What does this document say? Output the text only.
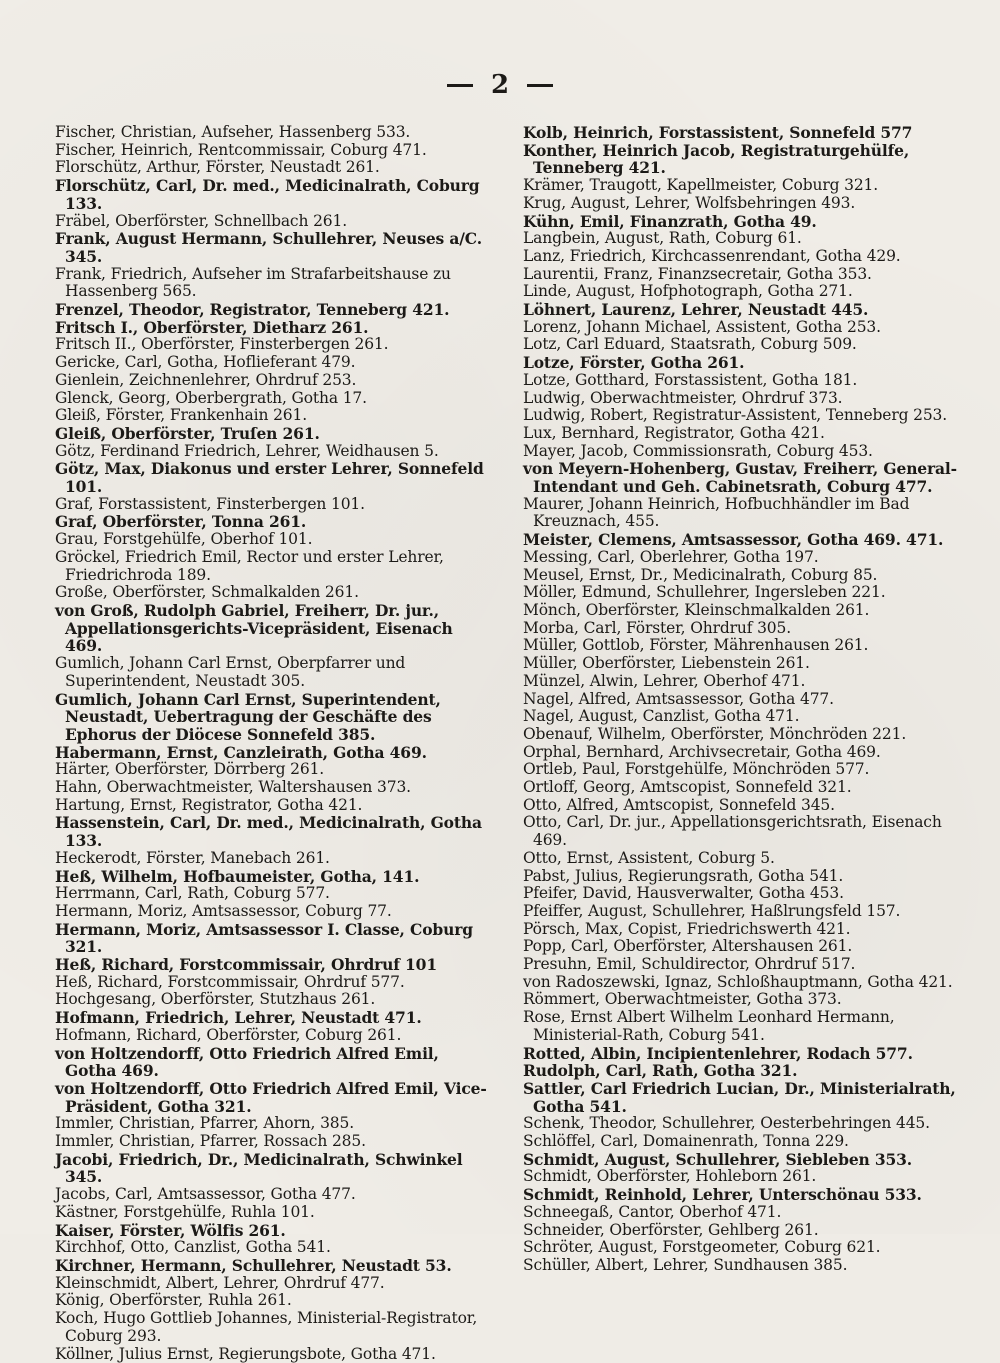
2

Fischer, Christian, Aufseher, Hassenberg 533.

Fischer, Heinrich, Rentcommissair, Coburg 471.

Florschütz, Arthur, Förster, Neustadt 261.

Florschütz, Carl, Dr. med., Medicinalrath, Coburg 133.

Fräbel, Oberförster, Schnellbach 261.

Frank, August Hermann, Schullehrer, Neuses a/C. 345.

Frank, Friedrich, Aufseher im Strafarbeitshause zu Hassenberg 565.

Frenzel, Theodor, Registrator, Tenneberg 421.

Fritsch I., Oberförster, Dietharz 261.

Fritsch II., Oberförster, Finsterbergen 261.

Gericke, Carl, Gotha, Hoflieferant 479.

Gienlein, Zeichnenlehrer, Ohrdruf 253.

Glenck, Georg, Oberbergrath, Gotha 17.

Gleiß, Förster, Frankenhain 261.

Gleiß, Oberförster, Truſen 261.

Götz, Ferdinand Friedrich, Lehrer, Weidhausen 5.

Götz, Max, Diakonus und erster Lehrer, Sonnefeld 101.

Graf, Forstassistent, Finsterbergen 101.

Graf, Oberförster, Tonna 261.

Grau, Forstgehülfe, Oberhof 101.

Gröckel, Friedrich Emil, Rector und erster Lehrer, Friedrichroda 189.

Große, Oberförster, Schmalkalden 261.

von Groß, Rudolph Gabriel, Freiherr, Dr. jur., Appellationsgerichts-Vicepräsident, Eisenach 469.

Gumlich, Johann Carl Ernst, Oberpfarrer und Superintendent, Neustadt 305.

Gumlich, Johann Carl Ernst, Superintendent, Neustadt, Uebertragung der Geschäfte des Ephorus der Diöcese Sonnefeld 385.

Habermann, Ernst, Canzleirath, Gotha 469.

Härter, Oberförster, Dörrberg 261.

Hahn, Oberwachtmeister, Waltershausen 373.

Hartung, Ernst, Registrator, Gotha 421.

Hassenstein, Carl, Dr. med., Medicinalrath, Gotha 133.

Heckerodt, Förster, Manebach 261.

Heß, Wilhelm, Hofbaumeister, Gotha, 141.

Herrmann, Carl, Rath, Coburg 577.

Hermann, Moriz, Amtsassessor, Coburg 77.

Hermann, Moriz, Amtsassessor I. Classe, Coburg 321.

Heß, Richard, Forstcommissair, Ohrdruf 101

Heß, Richard, Forstcommissair, Ohrdruf 577.

Hochgesang, Oberförster, Stutzhaus 261.

Hofmann, Friedrich, Lehrer, Neustadt 471.

Hofmann, Richard, Oberförster, Coburg 261.

von Holtzendorff, Otto Friedrich Alfred Emil, Gotha 469.

von Holtzendorff, Otto Friedrich Alfred Emil, Vice-Präsident, Gotha 321.

Immler, Christian, Pfarrer, Ahorn, 385.

Immler, Christian, Pfarrer, Rossach 285.

Jacobi, Friedrich, Dr., Medicinalrath, Schwinkel 345.

Jacobs, Carl, Amtsassessor, Gotha 477.

Kästner, Forstgehülfe, Ruhla 101.

Kaiser, Förster, Wölfis 261.

Kirchhof, Otto, Canzlist, Gotha 541.

Kirchner, Hermann, Schullehrer, Neustadt 53.

Kleinschmidt, Albert, Lehrer, Ohrdruf 477.

König, Oberförster, Ruhla 261.

Koch, Hugo Gottlieb Johannes, Ministerial-Registrator, Coburg 293.

Köllner, Julius Ernst, Regierungsbote, Gotha 471.

Kolb, Heinrich, Forstassistent, Sonnefeld 577

Konther, Heinrich Jacob, Registraturgehülfe, Tenneberg 421.

Krämer, Traugott, Kapellmeister, Coburg 321.

Krug, August, Lehrer, Wolfsbehringen 493.

Kühn, Emil, Finanzrath, Gotha 49.

Langbein, August, Rath, Coburg 61.

Lanz, Friedrich, Kirchcassenrendant, Gotha 429.

Laurentii, Franz, Finanzsecretair, Gotha 353.

Linde, August, Hofphotograph, Gotha 271.

Löhnert, Laurenz, Lehrer, Neustadt 445.

Lorenz, Johann Michael, Assistent, Gotha 253.

Lotz, Carl Eduard, Staatsrath, Coburg 509.

Lotze, Förster, Gotha 261.

Lotze, Gotthard, Forstassistent, Gotha 181.

Ludwig, Oberwachtmeister, Ohrdruf 373.

Ludwig, Robert, Registratur-Assistent, Tenneberg 253.

Lux, Bernhard, Registrator, Gotha 421.

Mayer, Jacob, Commissionsrath, Coburg 453.

von Meyern-Hohenberg, Gustav, Freiherr, General-Intendant und Geh. Cabinetsrath, Coburg 477.

Maurer, Johann Heinrich, Hofbuchhändler im Bad Kreuznach, 455.

Meister, Clemens, Amtsassessor, Gotha 469. 471.

Messing, Carl, Oberlehrer, Gotha 197.

Meusel, Ernst, Dr., Medicinalrath, Coburg 85.

Möller, Edmund, Schullehrer, Ingersleben 221.

Mönch, Oberförster, Kleinschmalkalden 261.

Morba, Carl, Förster, Ohrdruf 305.

Müller, Gottlob, Förster, Mährenhausen 261.

Müller, Oberförster, Liebenstein 261.

Münzel, Alwin, Lehrer, Oberhof 471.

Nagel, Alfred, Amtsassessor, Gotha 477.

Nagel, August, Canzlist, Gotha 471.

Obenauf, Wilhelm, Oberförster, Mönchröden 221.

Orphal, Bernhard, Archivsecretair, Gotha 469.

Ortleb, Paul, Forstgehülfe, Mönchröden 577.

Ortloff, Georg, Amtscopist, Sonnefeld 321.

Otto, Alfred, Amtscopist, Sonnefeld 345.

Otto, Carl, Dr. jur., Appellationsgerichtsrath, Eisenach 469.

Otto, Ernst, Assistent, Coburg 5.

Pabst, Julius, Regierungsrath, Gotha 541.

Pfeifer, David, Hausverwalter, Gotha 453.

Pfeiffer, August, Schullehrer, Haßlrungsfeld 157.

Pörsch, Max, Copist, Friedrichswerth 421.

Popp, Carl, Oberförster, Altershausen 261.

Presuhn, Emil, Schuldirector, Ohrdruf 517.

von Radoszewski, Ignaz, Schloßhauptmann, Gotha 421.

Römmert, Oberwachtmeister, Gotha 373.

Rose, Ernst Albert Wilhelm Leonhard Hermann, Ministerial-Rath, Coburg 541.

Rotted, Albin, Incipientenlehrer, Rodach 577.

Rudolph, Carl, Rath, Gotha 321.

Sattler, Carl Friedrich Lucian, Dr., Ministerialrath, Gotha 541.

Schenk, Theodor, Schullehrer, Oesterbehringen 445.

Schlöffel, Carl, Domainenrath, Tonna 229.

Schmidt, August, Schullehrer, Siebleben 353.

Schmidt, Oberförster, Hohleborn 261.

Schmidt, Reinhold, Lehrer, Unterschönau 533.

Schneegaß, Cantor, Oberhof 471.

Schneider, Oberförster, Gehlberg 261.

Schröter, August, Forstgeometer, Coburg 621.

Schüller, Albert, Lehrer, Sundhausen 385.
